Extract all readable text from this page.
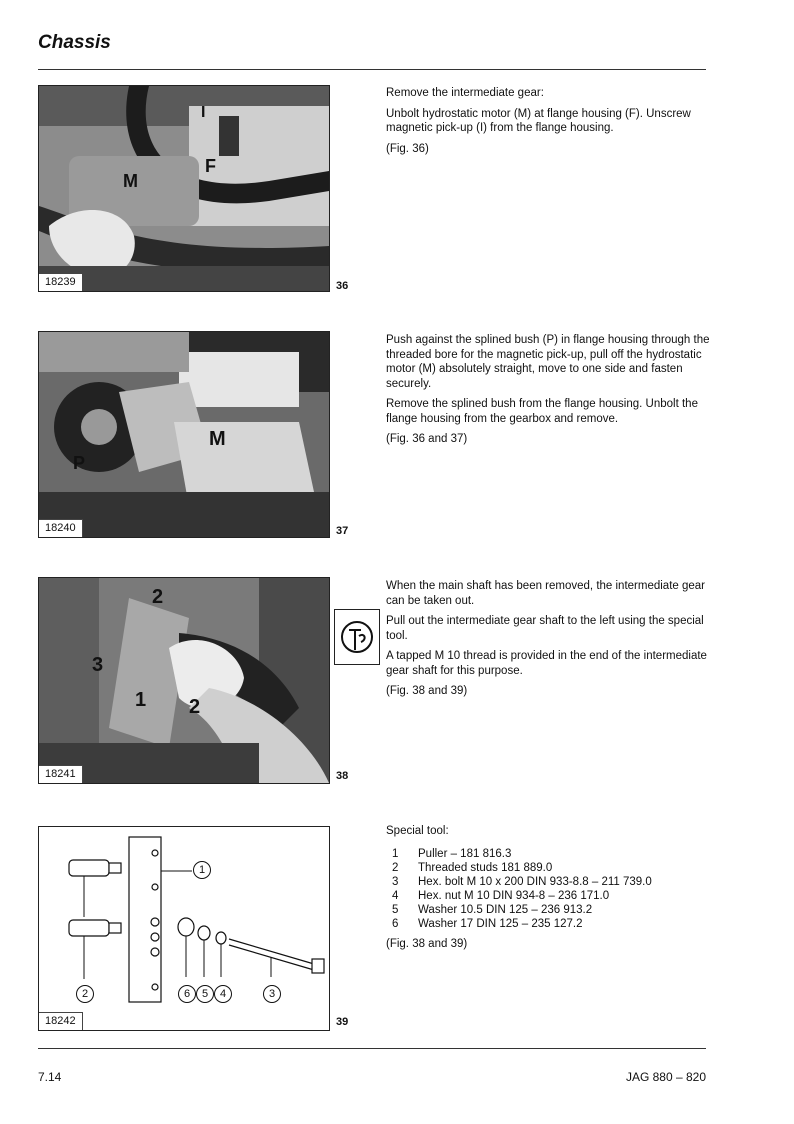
Chassis
M
F
I
18239	36

Remove the intermediate gear:

Unbolt hydrostatic motor (M) at flange housing (F). Unscrew magnetic pick-up (I) from the flange housing.

(Fig. 36)

M
P
18240	37

Push against the splined bush (P) in flange housing through the threaded bore for the magnetic pick-up, pull off the hydrostatic motor (M) absolutely straight, move to one side and fasten securely.

Remove the splined bush from the flange housing. Unbolt the flange housing from the gearbox and remove.

(Fig. 36 and 37)

2
3
1 2
18241	38

When the main shaft has been removed, the intermediate gear can be taken out.

Pull out the intermediate gear shaft to the left using the special tool.

A tapped M 10 thread is provided in the end of the intermediate gear shaft for this purpose.

(Fig. 38 and 39)

1
2	6	5	4	3
18242	39

Special tool:

1	Puller – 181 816.3
2	Threaded studs 181 889.0
3	Hex. bolt M 10 x 200 DIN 933-8.8 – 211 739.0
4	Hex. nut M 10 DIN 934-8 – 236 171.0
5	Washer 10.5 DIN 125 – 236 913.2
6	Washer 17 DIN 125 – 235 127.2

(Fig. 38 and 39)

7.14	JAG 880 – 820
